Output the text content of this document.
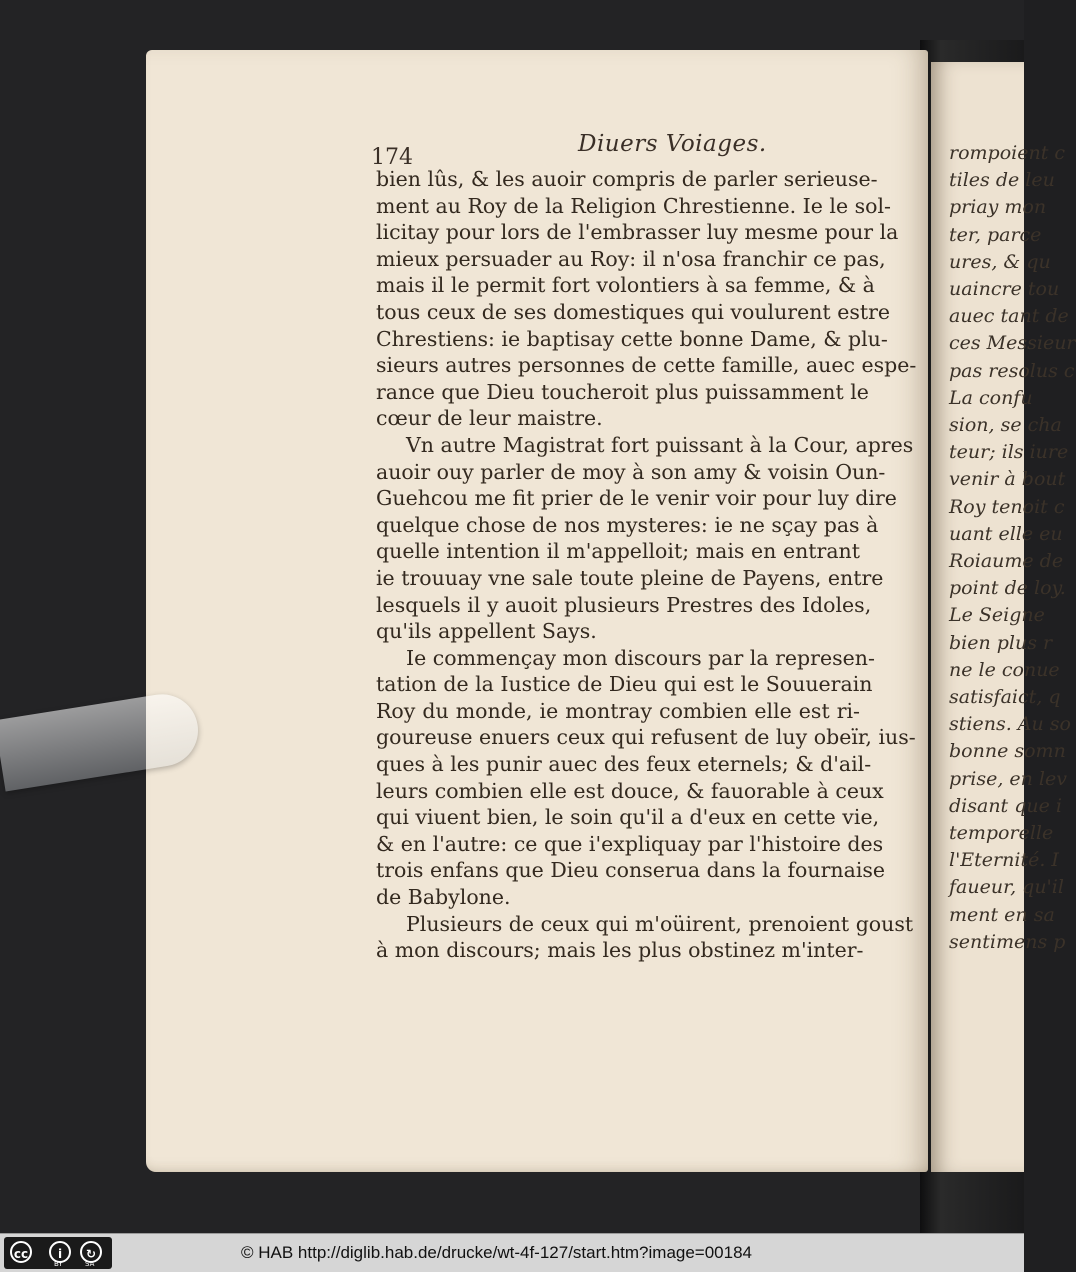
rompoient c
tiles de leu
priay mon
ter, parce
ures, & qu
uaincre tou
auec tant de
ces Messieur
pas resolus c
La confu
sion, se cha
teur; ils iure
venir à bout
Roy tenoit c
uant elle eu
Roiaume de
point de loy.
Le Seigne
bien plus r
ne le conue
satisfaict, q
stiens. Au so
bonne somn
prise, en lev
disant que i
temporelle
l'Eternité. I
faueur, qu'il
ment en sa
sentimens p
174
Diuers Voiages.
bien lûs, & les auoir compris de parler serieuse-
ment au Roy de la Religion Chrestienne. Ie le sol-
licitay pour lors de l'embrasser luy mesme pour la
mieux persuader au Roy: il n'osa franchir ce pas,
mais il le permit fort volontiers à sa femme, & à
tous ceux de ses domestiques qui voulurent estre
Chrestiens: ie baptisay cette bonne Dame, & plu-
sieurs autres personnes de cette famille, auec espe-
rance que Dieu toucheroit plus puissamment le
cœur de leur maistre.
Vn autre Magistrat fort puissant à la Cour, apres
auoir ouy parler de moy à son amy & voisin Oun-
Guehcou me fit prier de le venir voir pour luy dire
quelque chose de nos mysteres: ie ne sçay pas à
quelle intention il m'appelloit; mais en entrant
ie trouuay vne sale toute pleine de Payens, entre
lesquels il y auoit plusieurs Prestres des Idoles,
qu'ils appellent Says.
Ie commençay mon discours par la represen-
tation de la Iustice de Dieu qui est le Souuerain
Roy du monde, ie montray combien elle est ri-
goureuse enuers ceux qui refusent de luy obeïr, ius-
ques à les punir auec des feux eternels; & d'ail-
leurs combien elle est douce, & fauorable à ceux
qui viuent bien, le soin qu'il a d'eux en cette vie,
& en l'autre: ce que i'expliquay par l'histoire des
trois enfans que Dieu conserua dans la fournaise
de Babylone.
Plusieurs de ceux qui m'oüirent, prenoient goust
à mon discours; mais les plus obstinez m'inter-
cc	i	↻
BY	SA
© HAB http://diglib.hab.de/drucke/wt-4f-127/start.htm?image=00184
